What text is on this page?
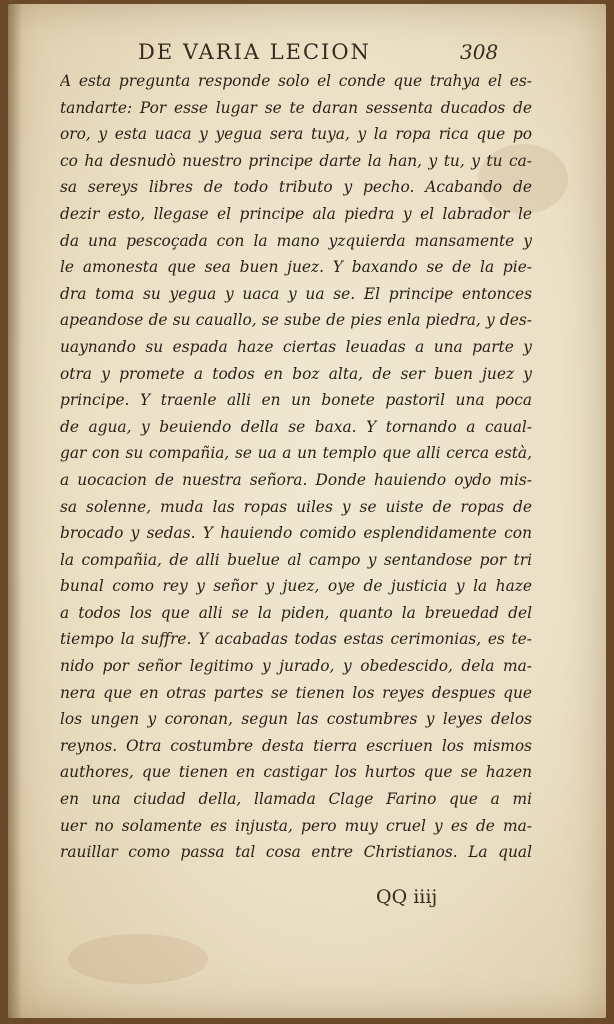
DE VARIA LECION	308
A esta pregunta responde solo el conde que trahya el es-
tandarte: Por esse lugar se te daran sessenta ducados de
oro, y esta uaca y yegua sera tuya, y la ropa rica que po
co ha desnudò nuestro principe darte la han, y tu, y tu ca-
sa sereys libres de todo tributo y pecho. Acabando de
dezir esto, llegase el principe ala piedra y el labrador le
da una pescoçada con la mano yzquierda mansamente y
le amonesta que sea buen juez. Y baxando se de la pie-
dra toma su yegua y uaca y ua se. El principe entonces
apeandose de su cauallo, se sube de pies enla piedra, y des-
uaynando su espada haze ciertas leuadas a una parte y
otra y promete a todos en boz alta, de ser buen juez y
principe. Y traenle alli en un bonete pastoril una poca
de agua, y beuiendo della se baxa. Y tornando a caual-
gar con su compañia, se ua a un templo que alli cerca està,
a uocacion de nuestra señora. Donde hauiendo oydo mis-
sa solenne, muda las ropas uiles y se uiste de ropas de
brocado y sedas. Y hauiendo comido esplendidamente con
la compañia, de alli buelue al campo y sentandose por tri
bunal como rey y señor y juez, oye de justicia y la haze
a todos los que alli se la piden, quanto la breuedad del
tiempo la suffre. Y acabadas todas estas cerimonias, es te-
nido por señor legitimo y jurado, y obedescido, dela ma-
nera que en otras partes se tienen los reyes despues que
los ungen y coronan, segun las costumbres y leyes delos
reynos. Otra costumbre desta tierra escriuen los mismos
authores, que tienen en castigar los hurtos que se hazen
en una ciudad della, llamada Clage Farino que a mi
uer no solamente es injusta, pero muy cruel y es de ma-
rauillar como passa tal cosa entre Christianos. La qual
QQ iiij
